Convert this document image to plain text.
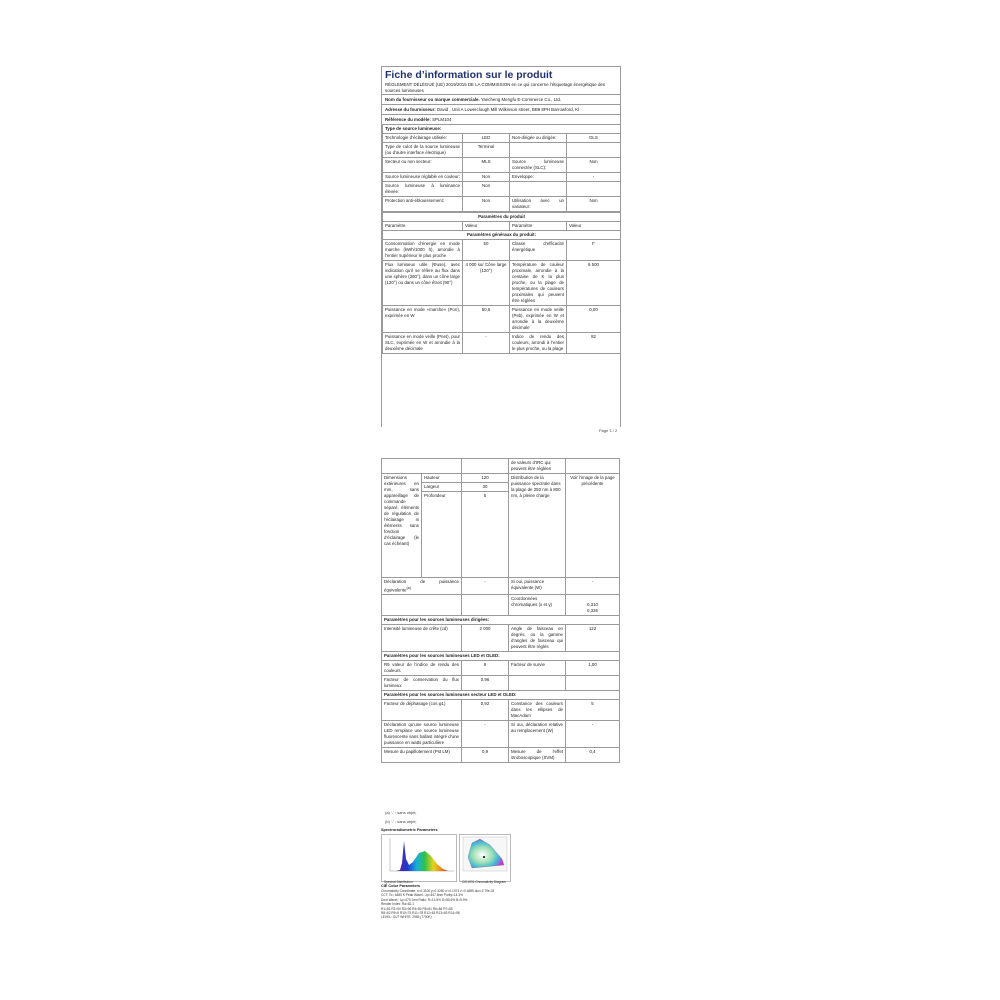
Fiche d’information sur le produit
RÈGLEMENT DÉLÉGUÉ (UE) 2019/2015 DE LA COMMISSION en ce qui concerne l’étiquetage énergétique des sources lumineuses
Nom du fournisseur ou marque commerciale. Yancheng Mengfu E-Commerce Co., Ltd.
Adresse du fournisseur: David , Unit A Lowerclough Mill Wilkinson street, BB9 8PH Barrowford, Kl
Référence du modèle: SPLM104
Type de source lumineuse:			
Technologie d’éclairage utilisée:	LED	Non-dirigée ou dirigée:	DLS
Type de culot de la source lumineuse (ou d’autre interface électrique)	Terminal		
Secteur ou non secteur:	MLS	Source lumineuse connectée (SLC):	Non
Source lumineuse réglable en couleur:	Non	Enveloppe:	-
Source lumineuse à luminance élevée:	Non		
Protection anti-éblouissement:	Non	Utilisation avec un variateur:	Non
Paramètres du produit			
Paramètre	Valeur	Paramètre	Valeur
Paramètres généraux du produit:			
Consommation d’énergie en mode marche (kWh/1000 h), arrondie à l’entier supérieur le plus proche	50	Classe d’efficacité énergétique	F
Flux lumineux utile (Φuse), avec indication qu’il se réfère au flux dans une sphère (360°), dans un cône large (120°) ou dans un cône étroit (90°)	4 000 sur Cône large (120°)	Température de couleur proximale, arrondie à la centaine de K la plus proche, ou la plage de températures de couleurs proximales qui peuvent être réglées	6 500
Puissance en mode «marche» (Pon), exprimée en W	50,6	Puissance en mode veille (Psb), exprimée en W et arrondie à la deuxième décimale	0,00
Puissance en mode veille (Pnet), pour SLC, exprimée en W et arrondie à la deuxième décimale	-	Indice de rendu des couleurs, arrondi à l’entier le plus proche, ou la plage	82
Page 1 / 2
			de valeurs d’IRC qui peuvent être réglées	
Dimensions extérieures en mm, sans appareillage de commande séparé, éléments de régulation de l’éclairage ni éléments sans fonction d’éclairage (le cas échéant)	Hauteur	120	Distribution de la puissance spectrale dans la plage de 250 nm à 800 nm, à pleine charge	Voir l’image de la page précédente
	Largeur	30		
	Profondeur	5		
Déclaration de puissance équivalente$^{(a)}$		-	Si oui, puissance équivalente (W)	-
			Coordonnées chromatiques (x et y)	0,310
0,326
Paramètres pour les sources lumineuses dirigées:				
Intensité lumineuse de crête (cd)		2 000	Angle de faisceau en degrés, ou la gamme d’angles de faisceau qui peuvent être réglés	122
Paramètres pour les sources lumineuses LED et OLED:				
R9 valeur de l’indice de rendu des couleurs		9	Facteur de survie	1,00
Facteur de conservation du flux lumineux		0,96		
Paramètres pour les sources lumineuses secteur LED et OLED:				
Facteur de déphasage (cos φ1)		0,92	Constance des couleurs dans les ellipses de MacAdam	5
Déclaration qu’une source lumineuse LED remplace une source lumineuse fluorescente sans ballast intégré d’une puissance en watts particulière		-	Si oui, déclaration relative au remplacement (W)	-
Mesure du papillotement (Pst LM)		0,9	Mesure de l’effet stroboscopique (SVM)	0,4
(a) '-' : sans objet;
(b) '-' : sans objet;
Spectroradiometric Parameters
Spectral Distribution	CIE1931 Chromaticity Diagram
CIE Color Parameters
Chromaticity Coordinate: x=0.3100 y=0.3260 u'=0.1974 v'=0.4685 duv=2.79e-03
CCT: Tc= 6485 K Peak Wavel.: λp=447.8nm Purity=14.3%
Dom Wavel.: λp=479.1nm Ratio: R=13.5% G=80.6% B=5.9%
Render Index: Ra=82.1
R1=81 R2=90 R3=96 R4=80 R5=81 R6=84 R7=85
R8=62 R9=9 R10=75 R11=78 R12=63 R13=83 R14=98
LEVEL: OUT WHITE: 2965 (7700K)
